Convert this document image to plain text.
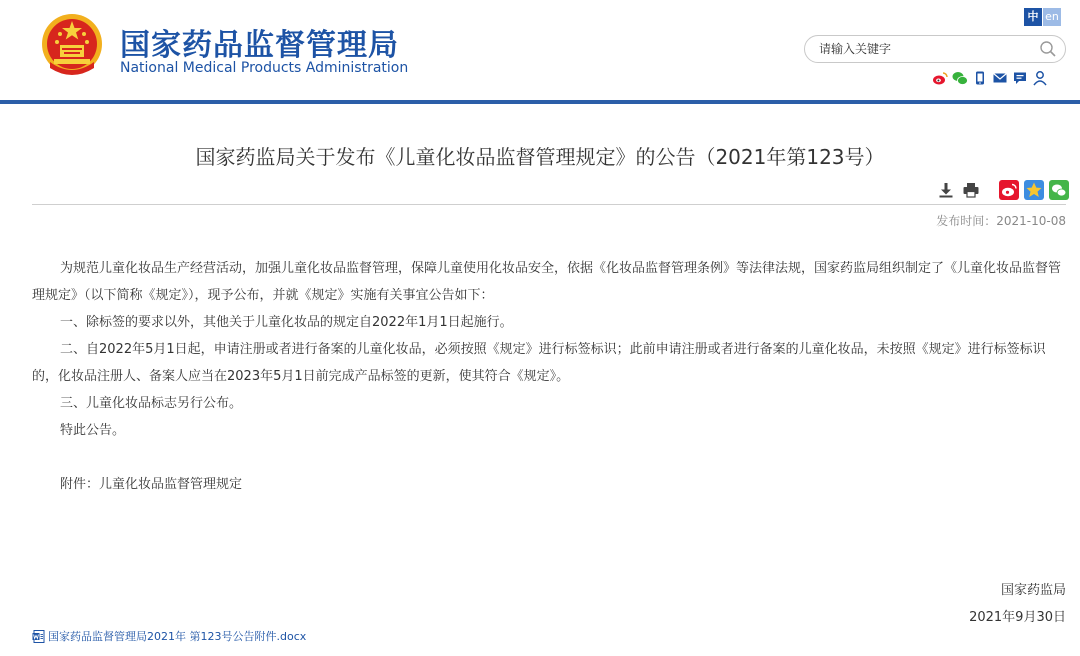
国家药品监督管理局
National Medical Products Administration
中 en
请输入关键字
国家药监局关于发布《儿童化妆品监督管理规定》的公告（2021年第123号）
发布时间：2021-10-08

为规范儿童化妆品生产经营活动，加强儿童化妆品监督管理，保障儿童使用化妆品安全，依据《化妆品监督管理条例》等法律法规，国家药监局组织制定了《儿童化妆品监督管理规定》（以下简称《规定》），现予公布，并就《规定》实施有关事宜公告如下：

一、除标签的要求以外，其他关于儿童化妆品的规定自2022年1月1日起施行。

二、自2022年5月1日起，申请注册或者进行备案的儿童化妆品，必须按照《规定》进行标签标识；此前申请注册或者进行备案的儿童化妆品，未按照《规定》进行标签标识的，化妆品注册人、备案人应当在2023年5月1日前完成产品标签的更新，使其符合《规定》。

三、儿童化妆品标志另行公布。

特此公告。

附件：儿童化妆品监督管理规定

国家药监局
2021年9月30日
国家药品监督管理局2021年 第123号公告附件.docx
